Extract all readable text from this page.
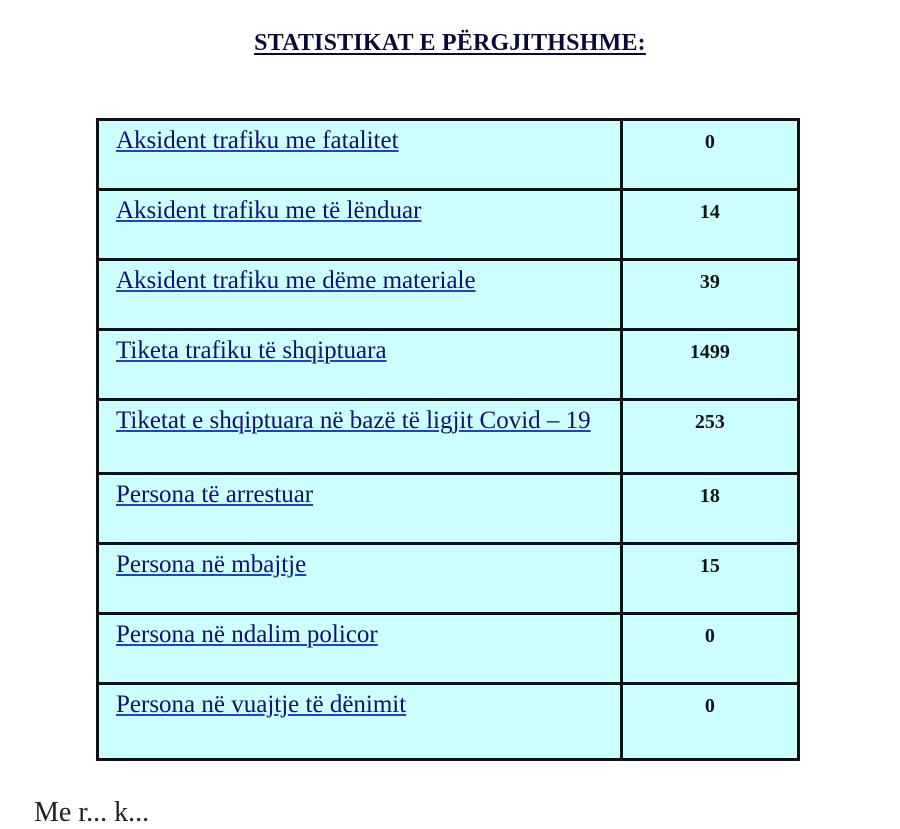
STATISTIKAT E PËRGJITHSHME:
Aksident trafiku me fatalitet	0
Aksident trafiku me të lënduar	14
Aksident trafiku me dëme materiale	39
Tiketa trafiku të shqiptuara	1499
Tiketat e shqiptuara në bazë të ligjit Covid – 19	253
Persona të arrestuar	18
Persona në mbajtje	15
Persona në ndalim policor	0
Persona në vuajtje të dënimit	0
Me r... k...
